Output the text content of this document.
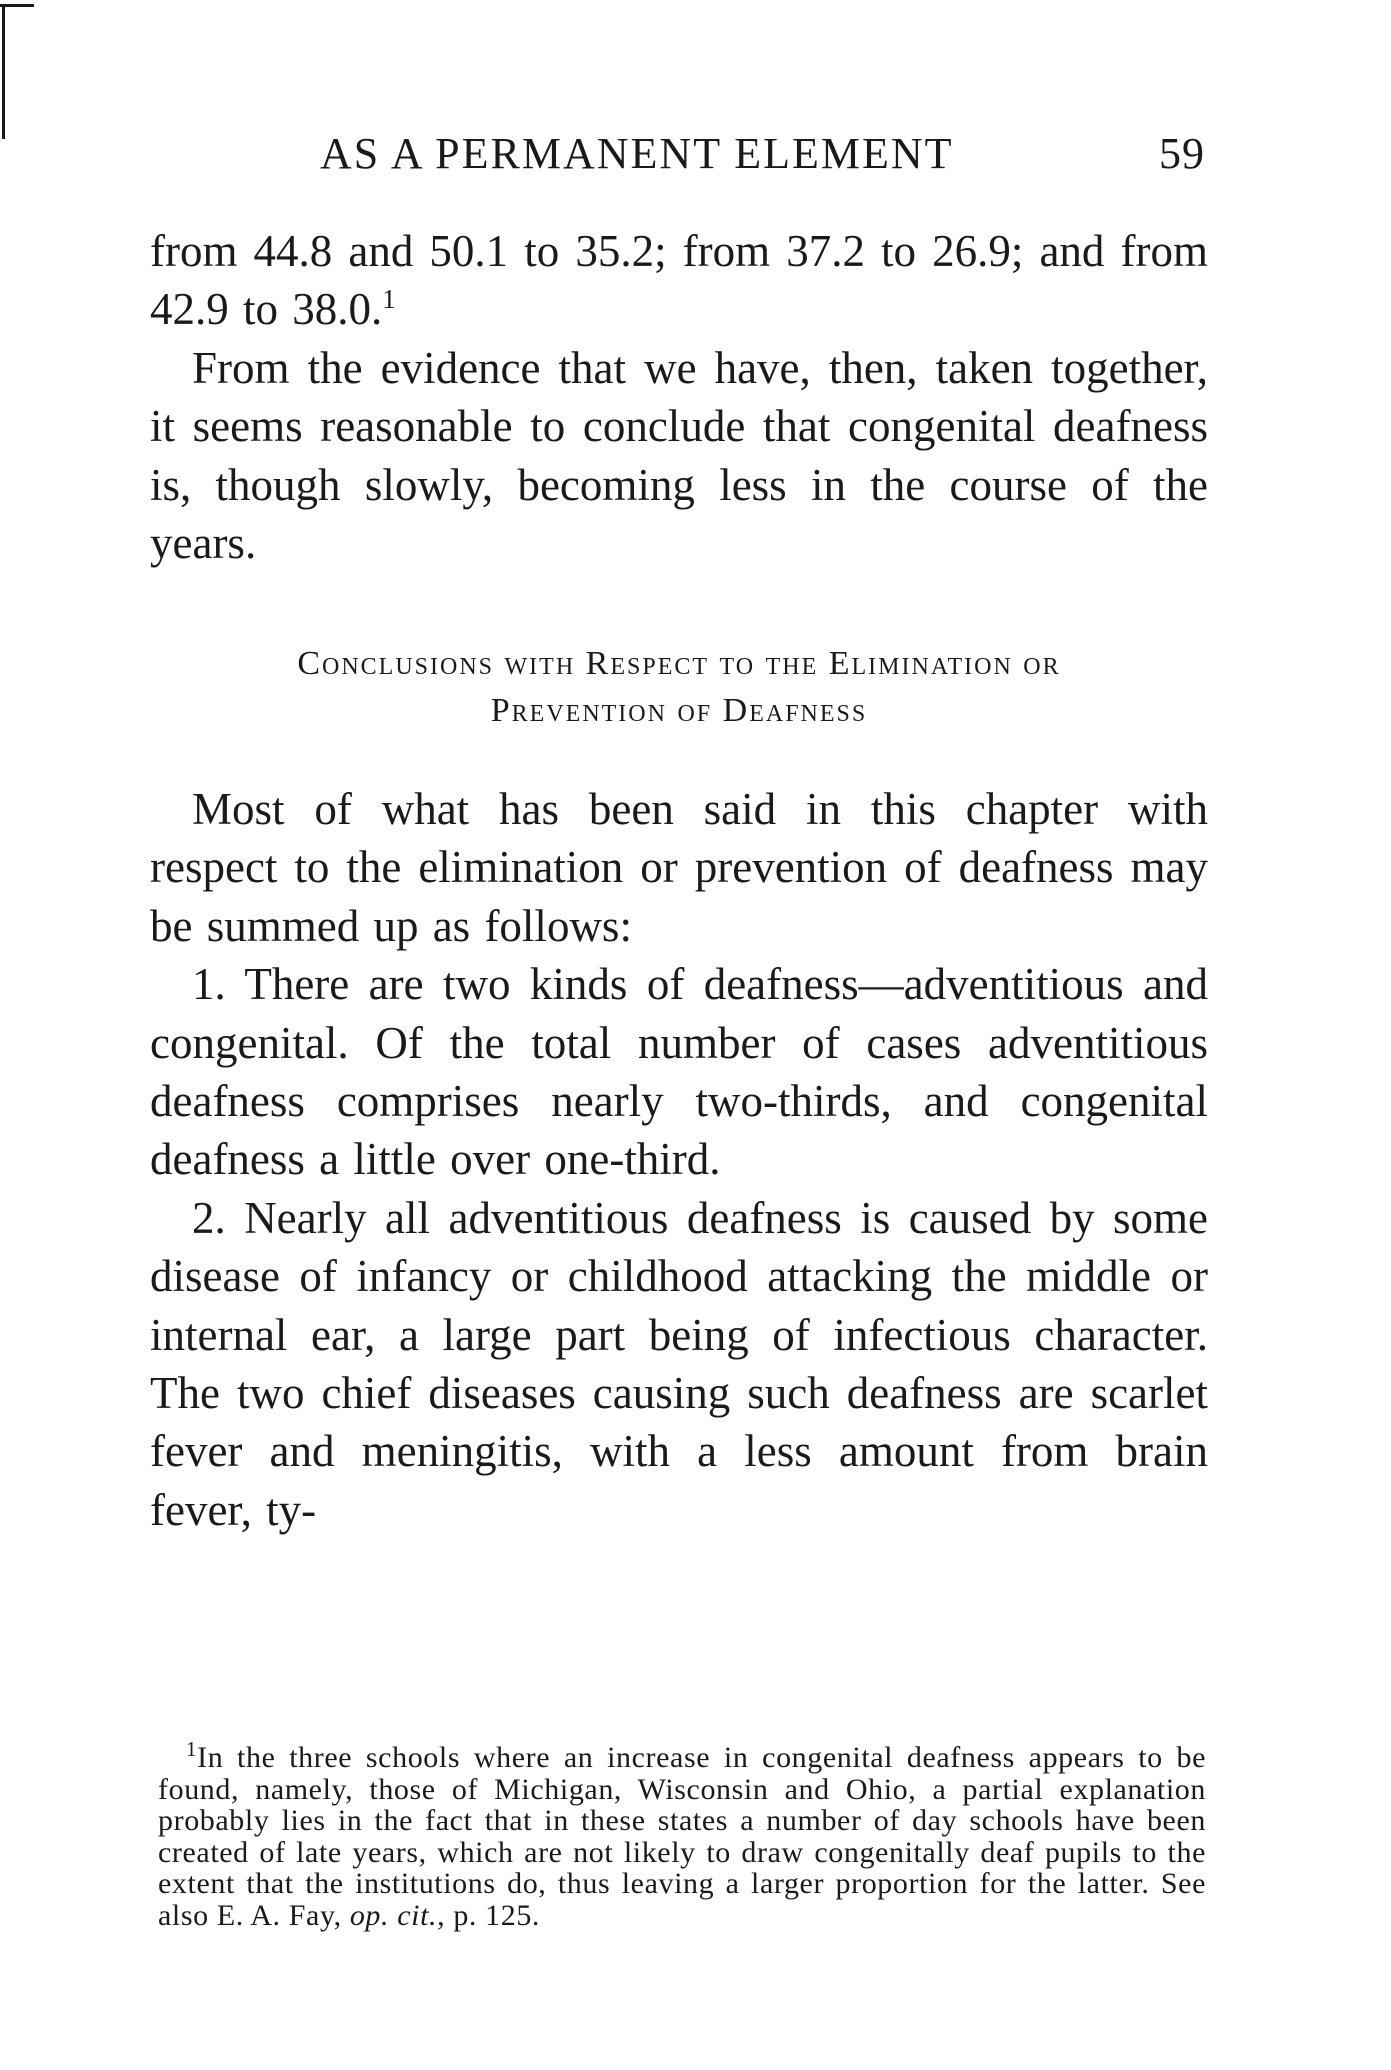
AS A PERMANENT ELEMENT	59

from 44.8 and 50.1 to 35.2; from 37.2 to 26.9; and from 42.9 to 38.0.$^1$

From the evidence that we have, then, taken together, it seems reasonable to conclude that congenital deafness is, though slowly, becoming less in the course of the years.

Conclusions with Respect to the Elimination or
Prevention of Deafness

Most of what has been said in this chapter with respect to the elimination or prevention of deafness may be summed up as follows:

1. There are two kinds of deafness—adventitious and congenital. Of the total number of cases adventitious deafness comprises nearly two-thirds, and congenital deafness a little over one-third.

2. Nearly all adventitious deafness is caused by some disease of infancy or childhood attacking the middle or internal ear, a large part being of infectious character. The two chief diseases causing such deafness are scarlet fever and meningitis, with a less amount from brain fever, ty-

$^1$In the three schools where an increase in congenital deafness appears to be found, namely, those of Michigan, Wisconsin and Ohio, a partial explanation probably lies in the fact that in these states a number of day schools have been created of late years, which are not likely to draw congenitally deaf pupils to the extent that the institutions do, thus leaving a larger proportion for the latter. See also E. A. Fay, op. cit., p. 125.
